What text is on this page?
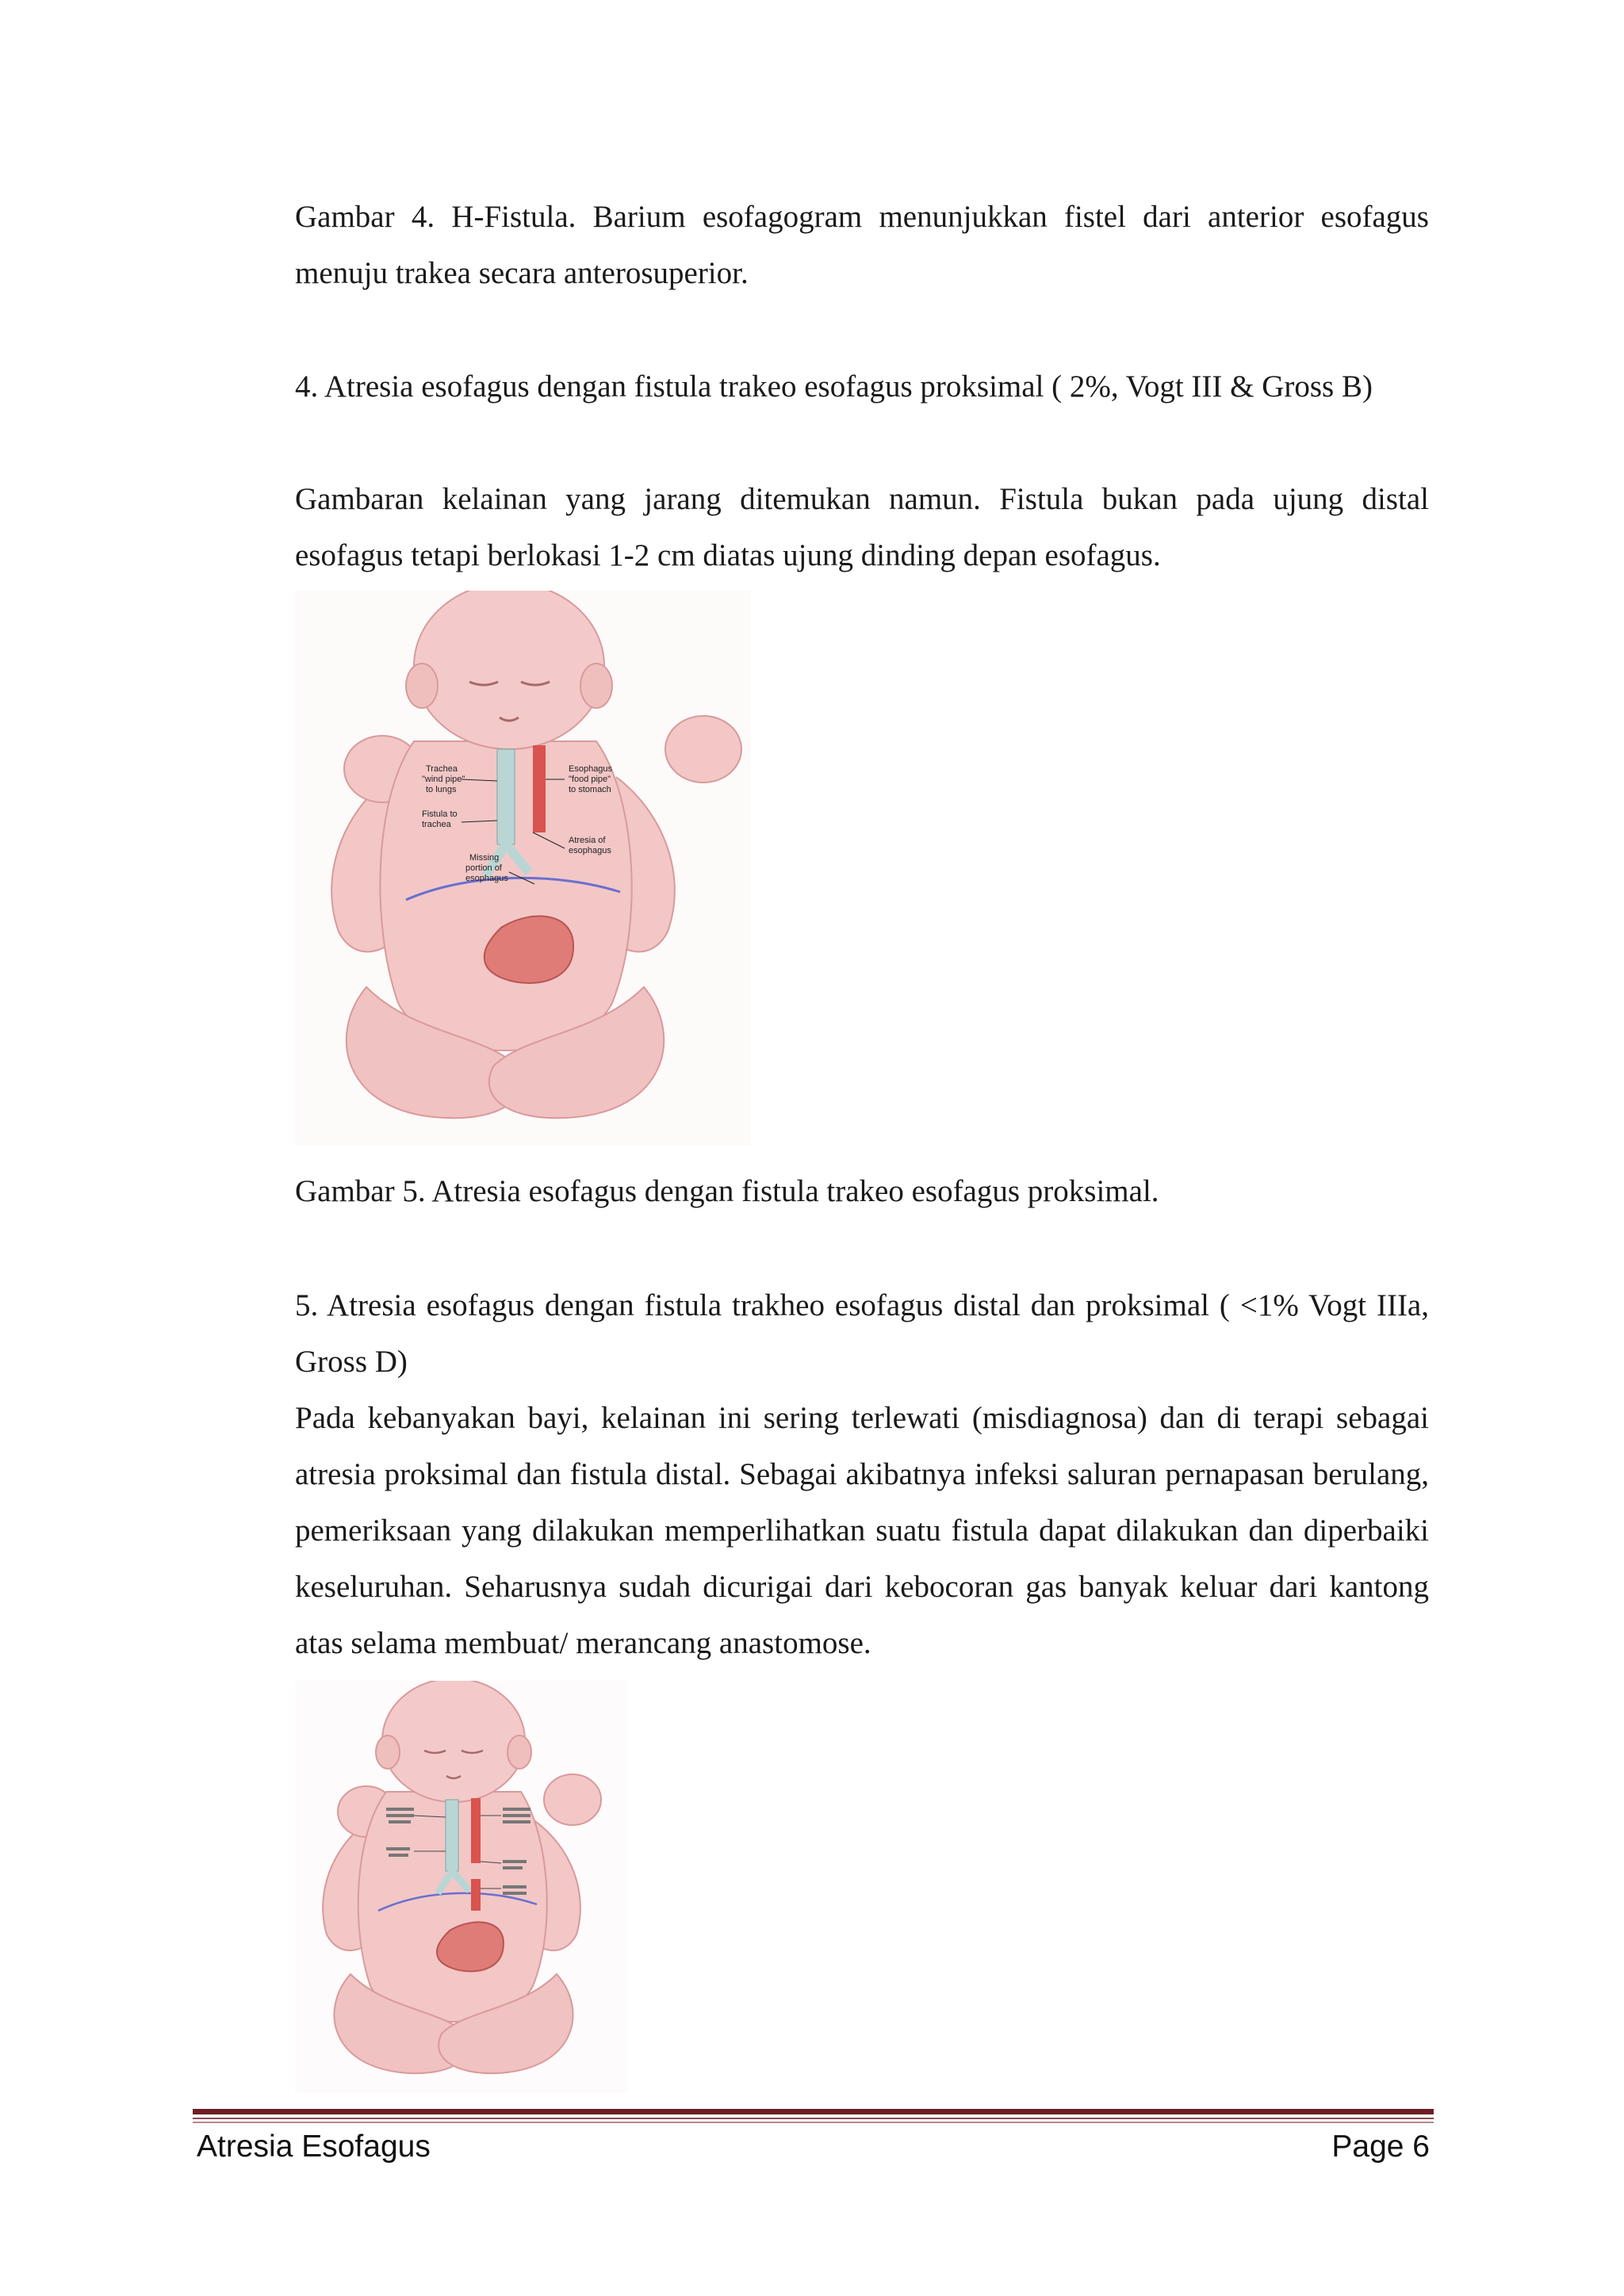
Gambar 4. H-Fistula. Barium esofagogram menunjukkan fistel dari anterior esofagus menuju trakea secara anterosuperior.

4. Atresia esofagus dengan fistula trakeo esofagus proksimal ( 2%, Vogt III & Gross B)

Gambaran kelainan yang jarang ditemukan namun. Fistula bukan pada ujung distal esofagus tetapi berlokasi 1-2 cm diatas ujung dinding depan esofagus.

Trachea
"wind pipe"
to lungs
Esophagus
"food pipe"
to stomach
Fistula to
trachea
Atresia of
esophagus
Missing
portion of
esophagus

Gambar 5. Atresia esofagus dengan fistula trakeo esofagus proksimal.

5. Atresia esofagus dengan fistula trakheo esofagus distal dan proksimal ( <1% Vogt IIIa, Gross D)

Pada kebanyakan bayi, kelainan ini sering terlewati (misdiagnosa) dan di terapi sebagai atresia proksimal dan fistula distal. Sebagai akibatnya infeksi saluran pernapasan berulang, pemeriksaan yang dilakukan memperlihatkan suatu fistula dapat dilakukan dan diperbaiki keseluruhan. Seharusnya sudah dicurigai dari kebocoran gas banyak keluar dari kantong atas selama membuat/ merancang anastomose.

Atresia Esofagus	Page 6
